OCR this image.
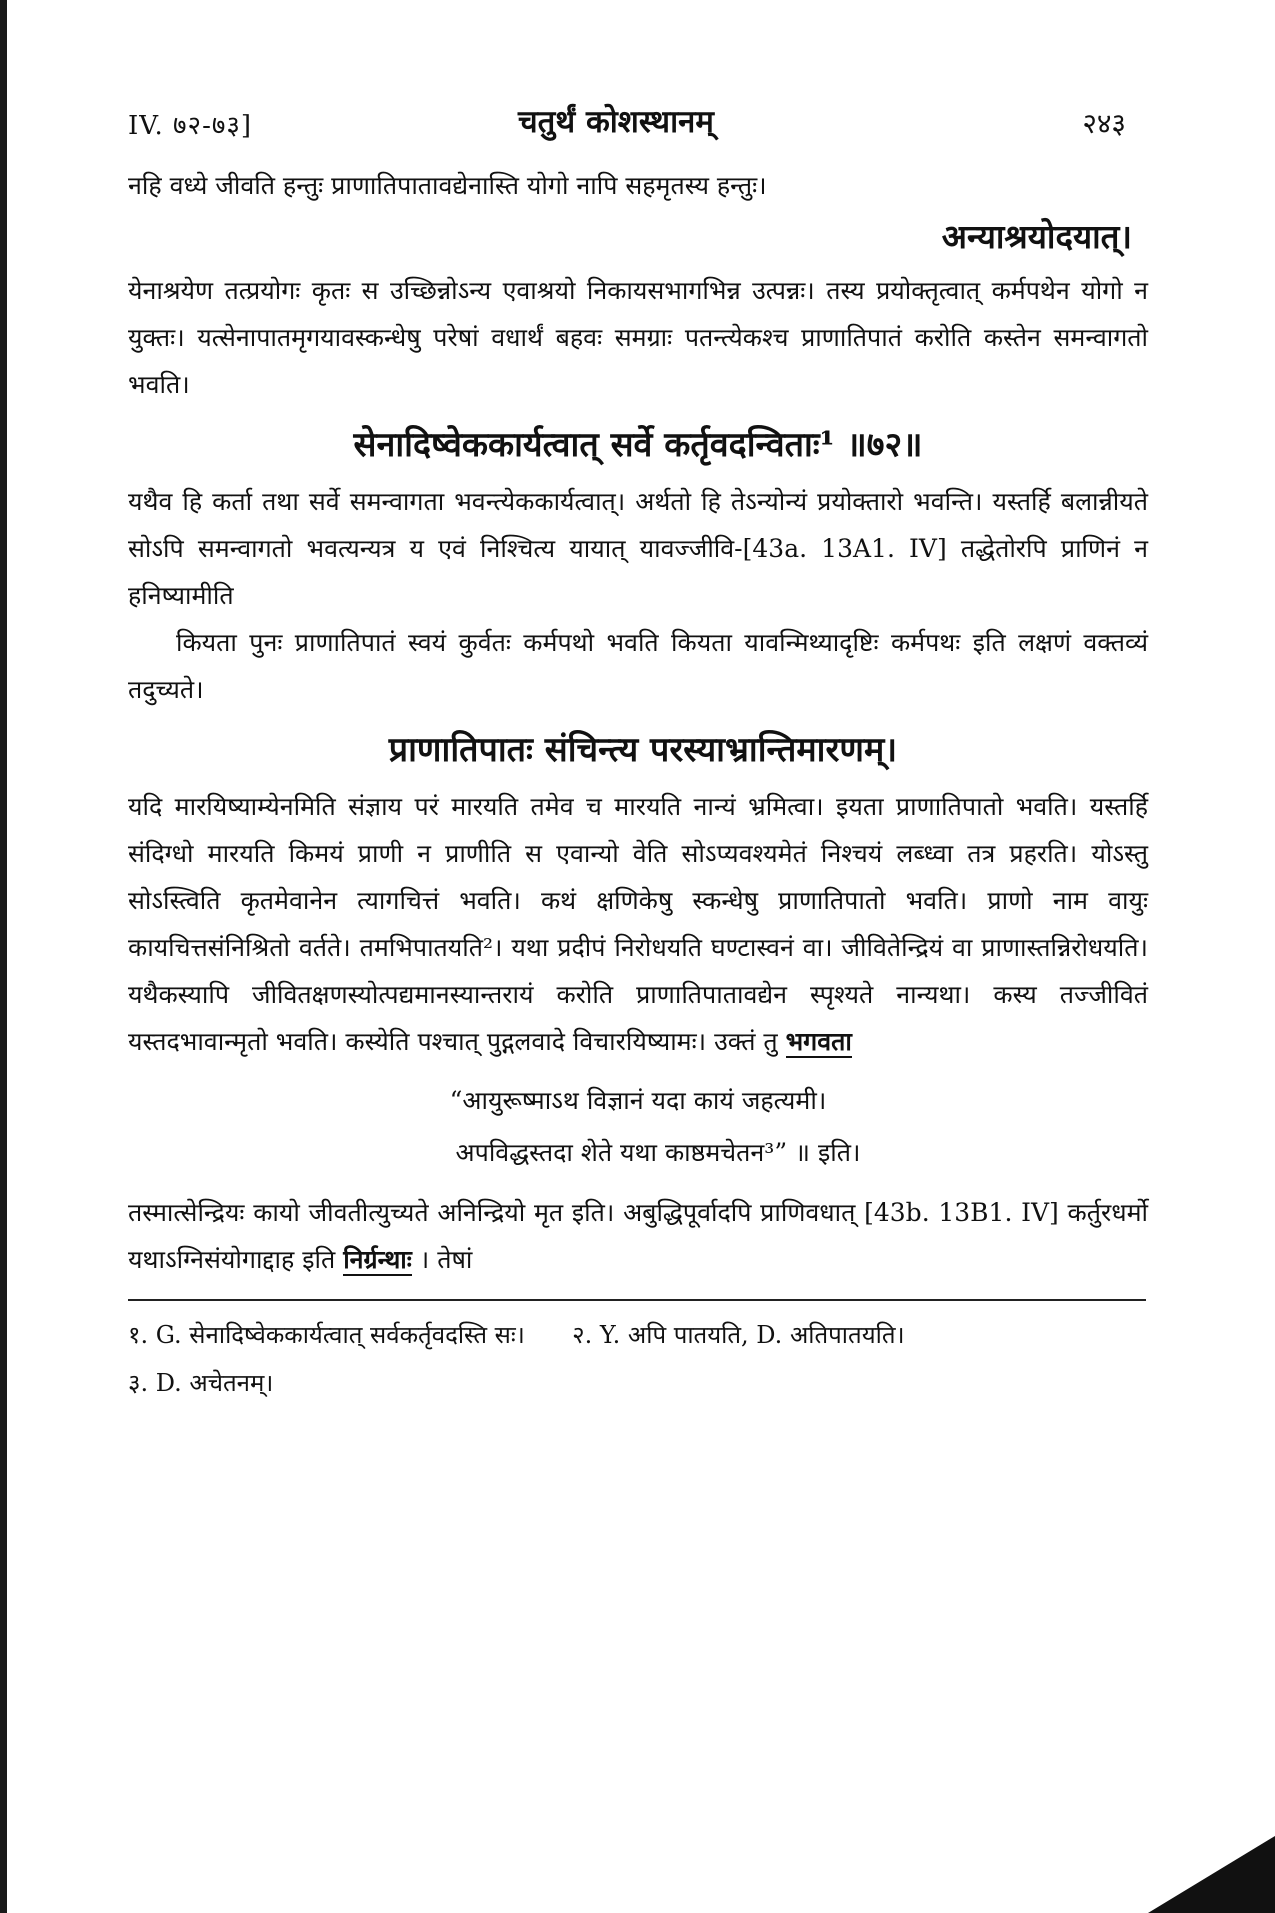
IV. ७२-७३]	चतुर्थं कोशस्थानम्	२४३

नहि वध्ये जीवति हन्तुः प्राणातिपातावद्येनास्ति योगो नापि सहमृतस्य हन्तुः।

अन्याश्रयोदयात्।

येनाश्रयेण तत्प्रयोगः कृतः स उच्छिन्नोऽन्य एवाश्रयो निकायसभागभिन्न उत्पन्नः। तस्य प्रयोक्तृत्वात् कर्मपथेन योगो न युक्तः। यत्सेनापातमृगयावस्कन्धेषु परेषां वधार्थं बहवः समग्राः पतन्त्येकश्च प्राणातिपातं करोति कस्तेन समन्वागतो भवति।

सेनादिष्वेककार्यत्वात् सर्वे कर्तृवदन्विताः¹ ॥७२॥

यथैव हि कर्ता तथा सर्वे समन्वागता भवन्त्येककार्यत्वात्। अर्थतो हि तेऽन्योन्यं प्रयोक्तारो भवन्ति। यस्तर्हि बलान्नीयते सोऽपि समन्वागतो भवत्यन्यत्र य एवं निश्चित्य यायात् यावज्जीवि-[43a. 13A1. IV] तद्धेतोरपि प्राणिनं न हनिष्यामीति

कियता पुनः प्राणातिपातं स्वयं कुर्वतः कर्मपथो भवति कियता यावन्मिथ्यादृष्टिः कर्मपथः इति लक्षणं वक्तव्यं तदुच्यते।

प्राणातिपातः संचिन्त्य परस्याभ्रान्तिमारणम्।

यदि मारयिष्याम्येनमिति संज्ञाय परं मारयति तमेव च मारयति नान्यं भ्रमित्वा। इयता प्राणातिपातो भवति। यस्तर्हि संदिग्धो मारयति किमयं प्राणी न प्राणीति स एवान्यो वेति सोऽप्यवश्यमेतं निश्चयं लब्ध्वा तत्र प्रहरति। योऽस्तु सोऽस्त्विति कृतमेवानेन त्यागचित्तं भवति। कथं क्षणिकेषु स्कन्धेषु प्राणातिपातो भवति। प्राणो नाम वायुः कायचित्तसंनिश्रितो वर्तते। तमभिपातयति²। यथा प्रदीपं निरोधयति घण्टास्वनं वा। जीवितेन्द्रियं वा प्राणास्तन्निरोधयति। यथैकस्यापि जीवितक्षणस्योत्पद्यमानस्यान्तरायं करोति प्राणातिपातावद्येन स्पृश्यते नान्यथा। कस्य तज्जीवितं यस्तदभावान्मृतो भवति। कस्येति पश्चात् पुद्गलवादे विचारयिष्यामः। उक्तं तु भगवता

“आयुरूष्माऽथ विज्ञानं यदा कायं जहत्यमी।
अपविद्धस्तदा शेते यथा काष्ठमचेतन³” ॥ इति।

तस्मात्सेन्द्रियः कायो जीवतीत्युच्यते अनिन्द्रियो मृत इति। अबुद्धिपूर्वादपि प्राणिवधात् [43b. 13B1. IV] कर्तुरधर्मो यथाऽग्निसंयोगाद्दाह इति निर्ग्रन्थाः । तेषां

१. G. सेनादिष्वेककार्यत्वात् सर्वकर्तृवदस्ति सः। २. Y. अपि पातयति, D. अतिपातयति।
३. D. अचेतनम्।
